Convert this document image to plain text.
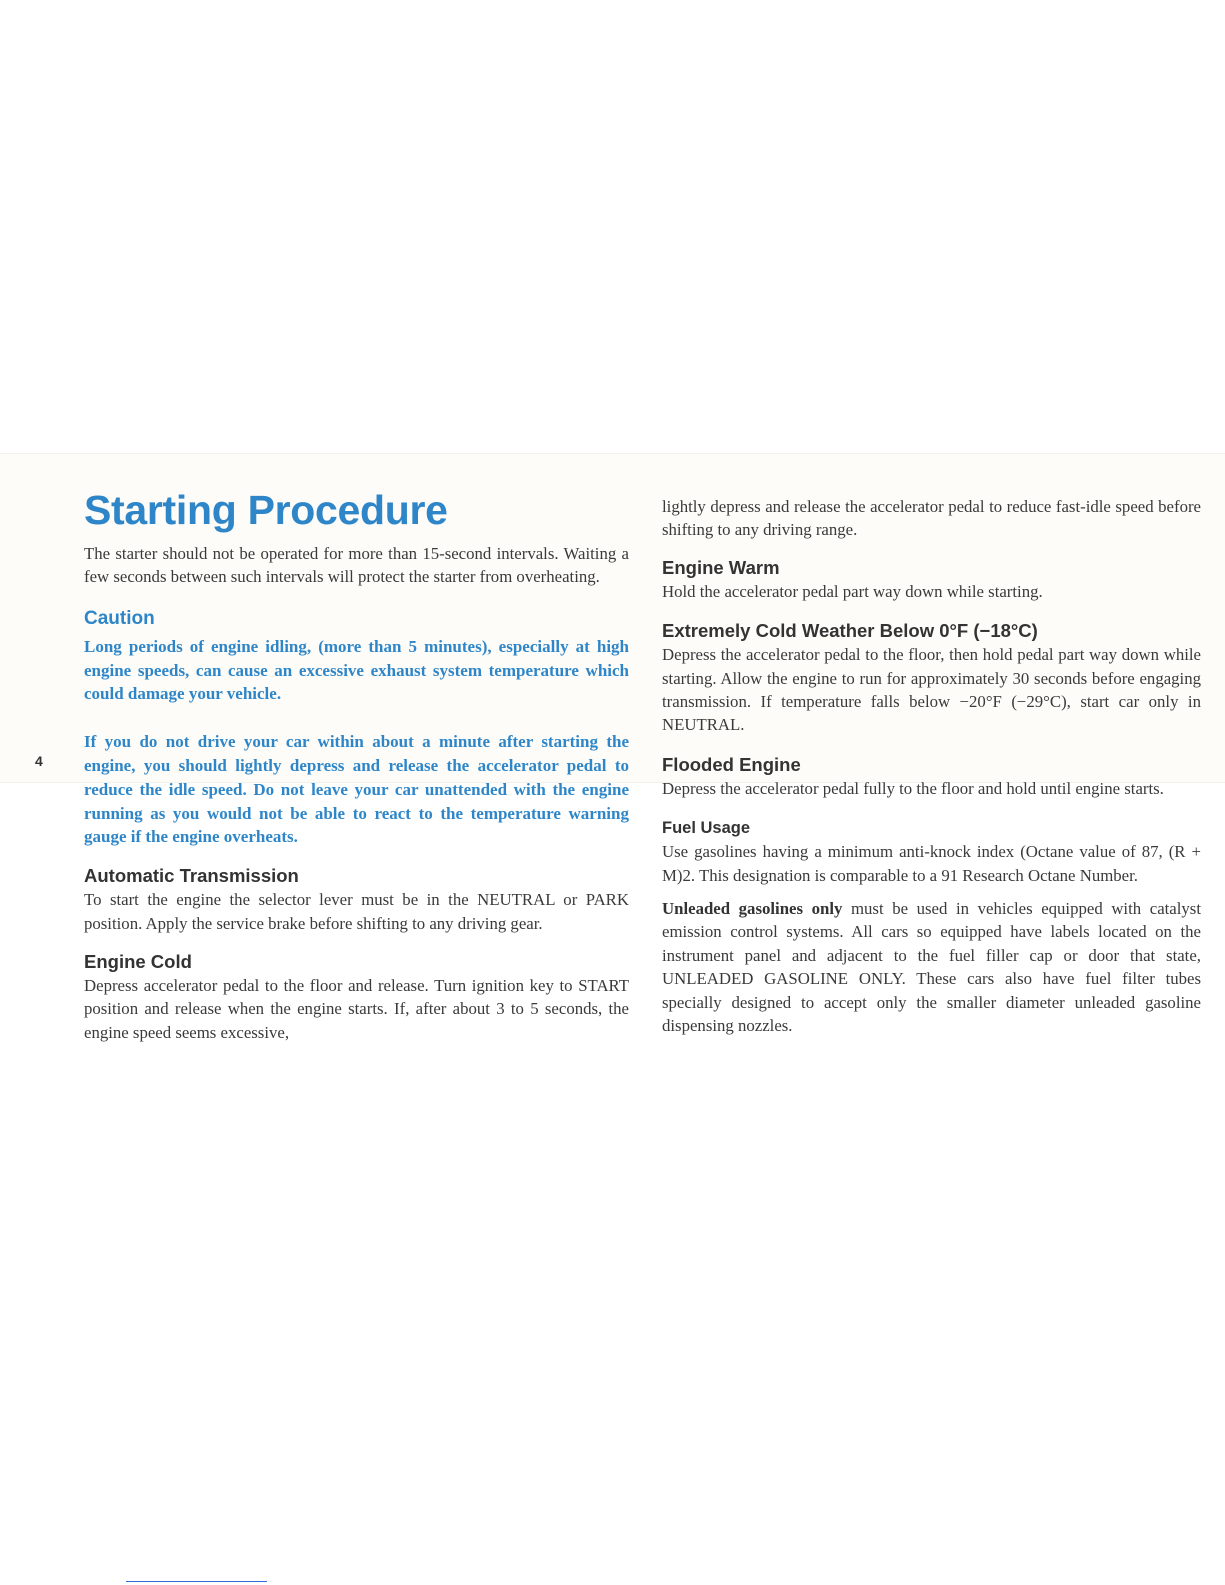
Starting Procedure

The starter should not be operated for more than 15-second intervals. Waiting a few seconds between such intervals will protect the starter from overheating.

Caution

Long periods of engine idling, (more than 5 minutes), especially at high engine speeds, can cause an excessive exhaust system temperature which could damage your vehicle.

If you do not drive your car within about a minute after starting the engine, you should lightly depress and release the accelerator pedal to reduce the idle speed. Do not leave your car unattended with the engine running as you would not be able to react to the temperature warning gauge if the engine overheats.

Automatic Transmission

To start the engine the selector lever must be in the NEUTRAL or PARK position. Apply the service brake before shifting to any driving gear.

Engine Cold

Depress accelerator pedal to the floor and release. Turn ignition key to START position and release when the engine starts. If, after about 3 to 5 seconds, the engine speed seems excessive,

4

lightly depress and release the accelerator pedal to reduce fast-idle speed before shifting to any driving range.

Engine Warm

Hold the accelerator pedal part way down while starting.

Extremely Cold Weather Below 0°F (−18°C)

Depress the accelerator pedal to the floor, then hold pedal part way down while starting. Allow the engine to run for approximately 30 seconds before engaging transmission. If temperature falls below −20°F (−29°C), start car only in NEUTRAL.

Flooded Engine

Depress the accelerator pedal fully to the floor and hold until engine starts.

Fuel Usage

Use gasolines having a minimum anti-knock index (Octane value of 87, (R + M)2. This designation is comparable to a 91 Research Octane Number.

Unleaded gasolines only must be used in vehicles equipped with catalyst emission control systems. All cars so equipped have labels located on the instrument panel and adjacent to the fuel filler cap or door that state, UNLEADED GASOLINE ONLY. These cars also have fuel filter tubes specially designed to accept only the smaller diameter unleaded gasoline dispensing nozzles.
